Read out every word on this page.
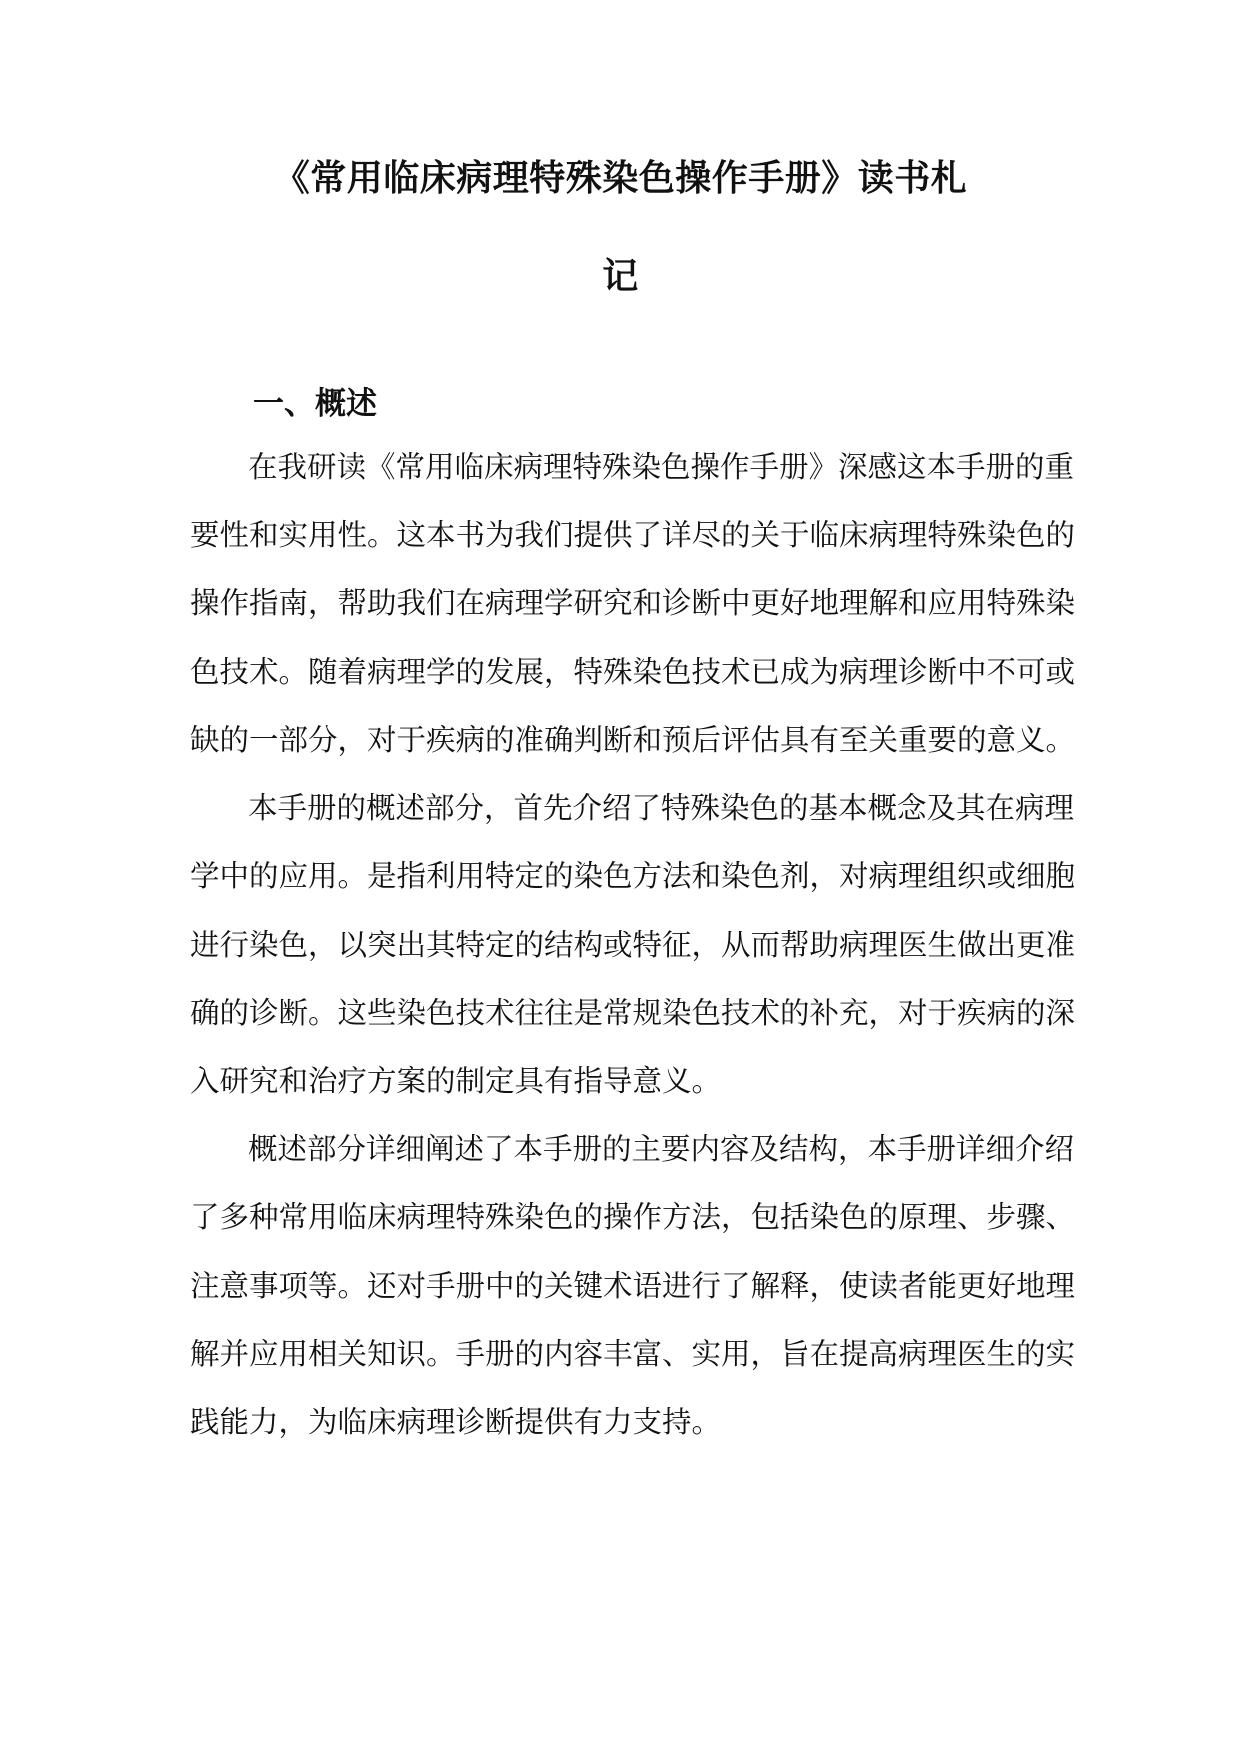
《常用临床病理特殊染色操作手册》读书札
记
一、概述
在我研读《常用临床病理特殊染色操作手册》深感这本手册的重
要性和实用性。这本书为我们提供了详尽的关于临床病理特殊染色的
操作指南，帮助我们在病理学研究和诊断中更好地理解和应用特殊染
色技术。随着病理学的发展，特殊染色技术已成为病理诊断中不可或
缺的一部分，对于疾病的准确判断和预后评估具有至关重要的意义。
本手册的概述部分，首先介绍了特殊染色的基本概念及其在病理
学中的应用。是指利用特定的染色方法和染色剂，对病理组织或细胞
进行染色，以突出其特定的结构或特征，从而帮助病理医生做出更准
确的诊断。这些染色技术往往是常规染色技术的补充，对于疾病的深
入研究和治疗方案的制定具有指导意义。
概述部分详细阐述了本手册的主要内容及结构，本手册详细介绍
了多种常用临床病理特殊染色的操作方法，包括染色的原理、步骤、
注意事项等。还对手册中的关键术语进行了解释，使读者能更好地理
解并应用相关知识。手册的内容丰富、实用，旨在提高病理医生的实
践能力，为临床病理诊断提供有力支持。
